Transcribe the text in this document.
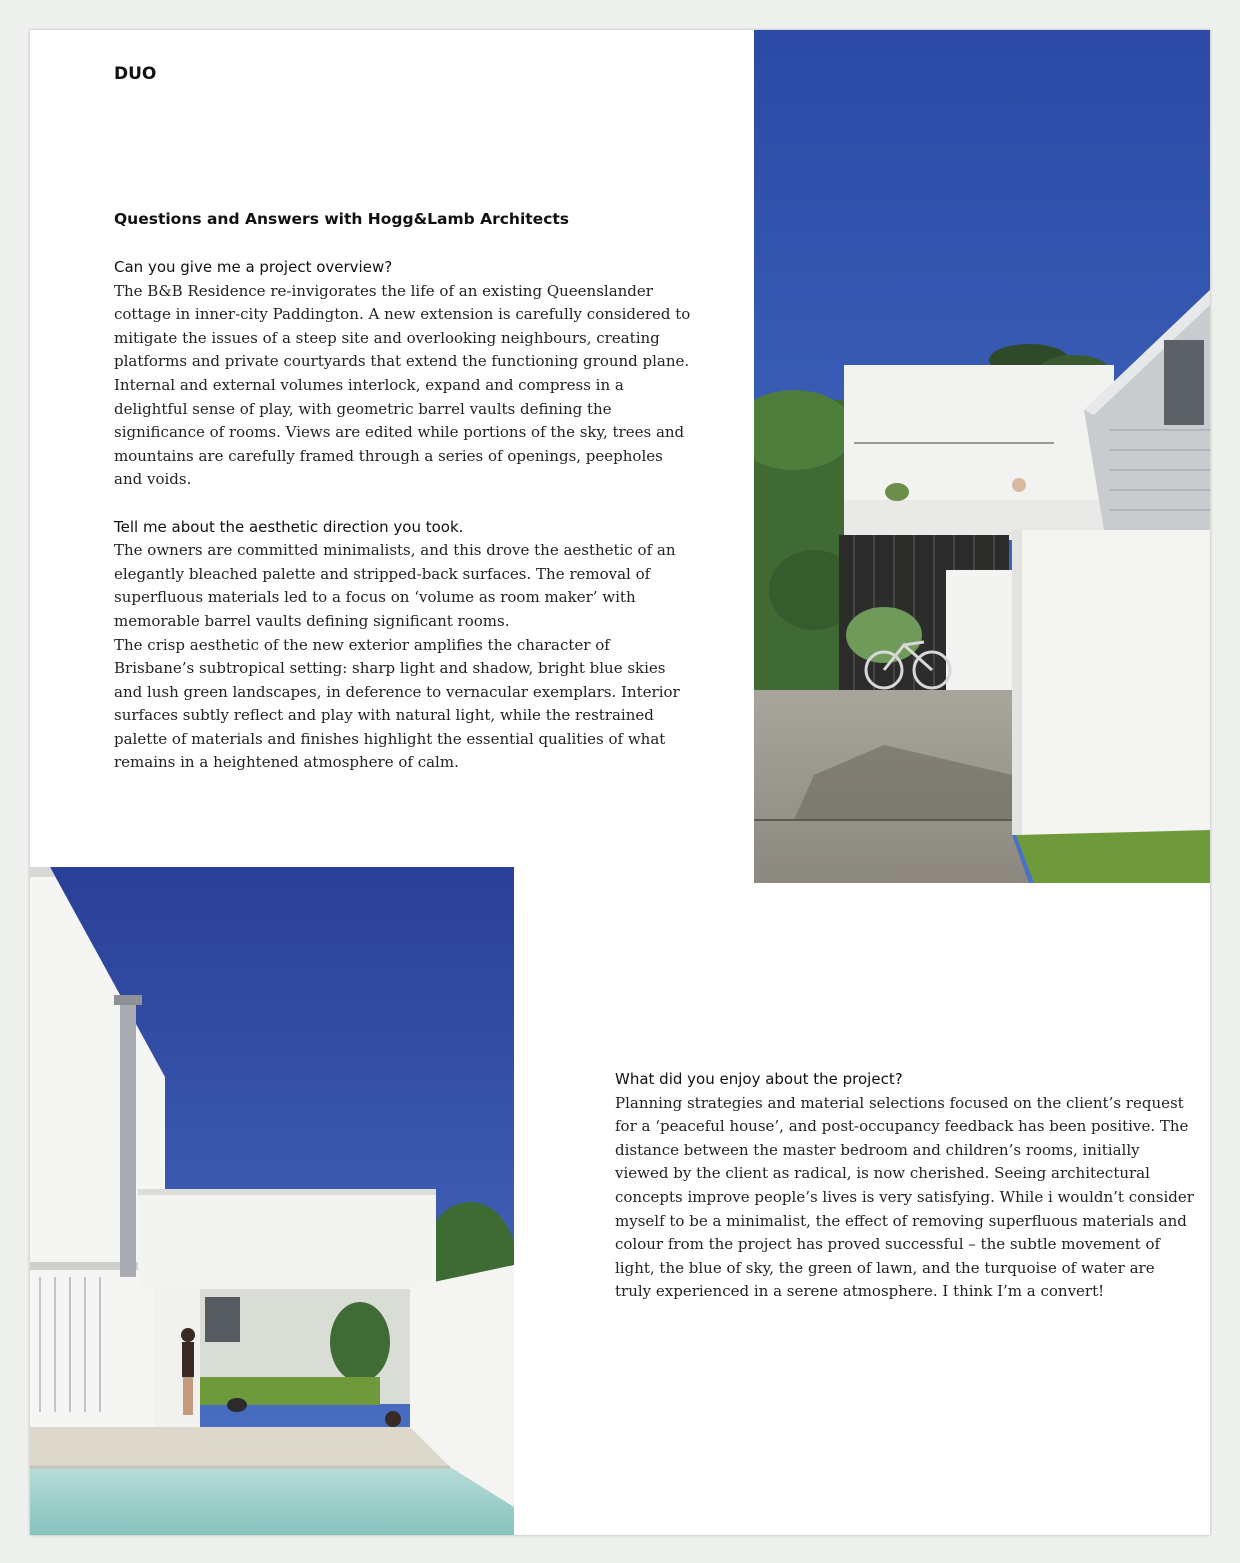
DUO
Questions and Answers with Hogg&Lamb Architects

Can you give me a project overview?

The B&B Residence re-invigorates the life of an existing Queenslander cottage in inner-city Paddington. A new extension is carefully considered to mitigate the issues of a steep site and overlooking neighbours, creating platforms and private courtyards that extend the functioning ground plane.

Internal and external volumes interlock, expand and compress in a delightful sense of play, with geometric barrel vaults defining the significance of rooms. Views are edited while portions of the sky, trees and mountains are carefully framed through a series of openings, peepholes and voids.

Tell me about the aesthetic direction you took.

The owners are committed minimalists, and this drove the aesthetic of an elegantly bleached palette and stripped-back surfaces. The removal of superfluous materials led to a focus on ‘volume as room maker’ with memorable barrel vaults defining significant rooms.

The crisp aesthetic of the new exterior amplifies the character of Brisbane’s subtropical setting: sharp light and shadow, bright blue skies and lush green landscapes, in deference to vernacular exemplars. Interior surfaces subtly reflect and play with natural light, while the restrained palette of materials and finishes highlight the essential qualities of what remains in a heightened atmosphere of calm.

What did you enjoy about the project?

Planning strategies and material selections focused on the client’s request for a ‘peaceful house’, and post-occupancy feedback has been positive. The distance between the master bedroom and children’s rooms, initially viewed by the client as radical, is now cherished. Seeing architectural concepts improve people’s lives is very satisfying. While i wouldn’t consider myself to be a minimalist, the effect of removing superfluous materials and colour from the project has proved successful – the subtle movement of light, the blue of sky, the green of lawn, and the turquoise of water are truly experienced in a serene atmosphere. I think I’m a convert!
